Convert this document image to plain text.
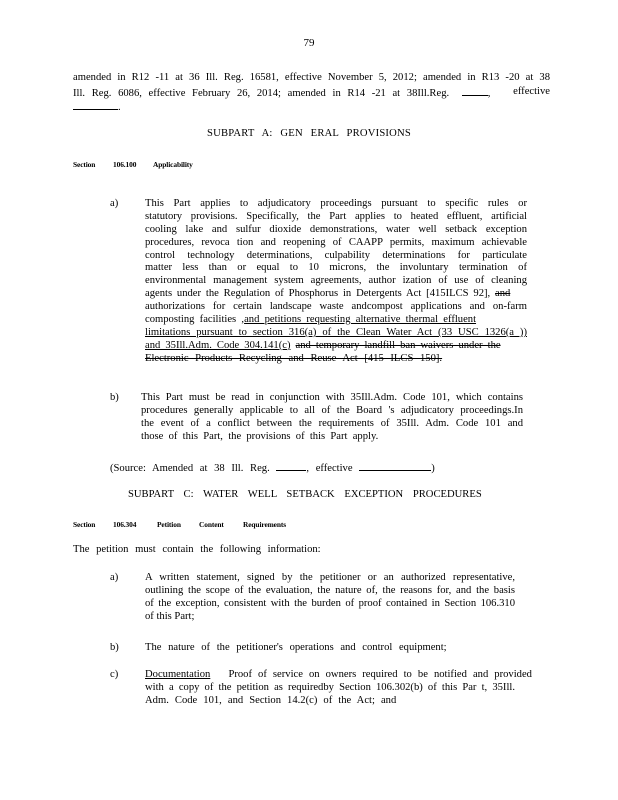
79
amended in R12 -11 at 36 Ill. Reg. 16581, effective November 5, 2012; amended in R13 -20 at 38
Ill. Reg. 6086, effective February 26, 2014; amended in R14 -21 at 38Ill.Reg.	, effective
.
SUBPART A: GEN ERAL PROVISIONS
Section 106.100 Applicability
a)	This Part applies to adjudicatory proceedings pursuant to specific rules or
statutory provisions. Specifically, the Part applies to heated effluent, artificial
cooling lake and sulfur dioxide demonstrations, water well setback exception
procedures, revoca tion and reopening of CAAPP permits, maximum achievable
control technology determinations, culpability determinations for particulate
matter less than or equal to 10 microns, the involuntary termination of
environmental management system agreements, author ization of use of cleaning
agents under the Regulation of Phosphorus in Detergents Act [415ILCS 92], and
authorizations for certain landscape waste andcompost applications and on-farm
composting facilities ,and petitions requesting alternative thermal effluent
limitations pursuant to section 316(a) of the Clean Water Act (33 USC 1326(a ))
and 35Ill.Adm. Code 304.141(c) and temporary landfill ban waivers under the
Electronic Products Recycling and Reuse Act [415 ILCS 150].
b)	This Part must be read in conjunction with 35Ill.Adm. Code 101, which contains
procedures generally applicable to all of the Board 's adjudicatory proceedings.In
the event of a conflict between the requirements of 35Ill. Adm. Code 101 and
those of this Part, the provisions of this Part apply.
(Source: Amended at 38 Ill. Reg.	, effective	)
SUBPART C: WATER WELL SETBACK EXCEPTION PROCEDURES
Section 106.304	Petition Content	Requirements
The petition must contain the following information:
a)	A written statement, signed by the petitioner or an authorized representative,
outlining the scope of the evaluation, the nature of, the reasons for, and the basis
of the exception, consistent with the burden of proof contained in Section 106.310
of this Part;
b)	The nature of the petitioner's operations and control equipment;
c)	Documentation Proof of service on owners required to be notified and provided
with a copy of the petition as requiredby Section 106.302(b) of this Par t, 35Ill.
Adm. Code 101, and Section 14.2(c) of the Act; and
